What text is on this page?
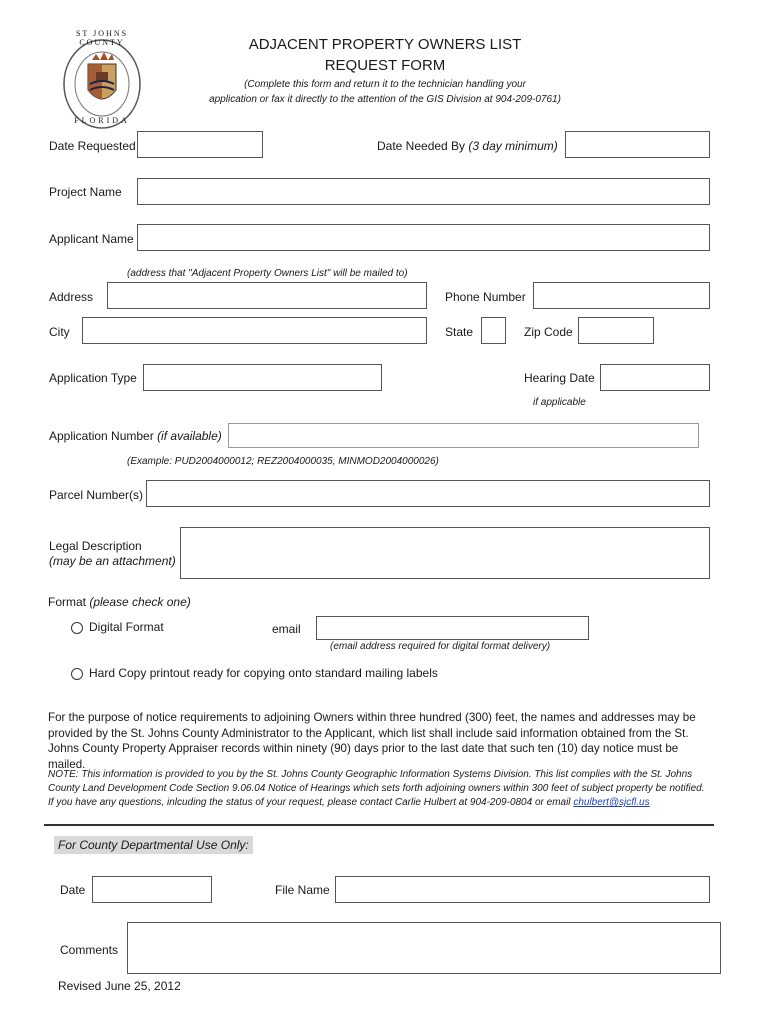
ST JOHNS COUNTY
FLORIDA
ADJACENT PROPERTY OWNERS LIST
REQUEST FORM
(Complete this form and return it to the technician handling your
application or fax it directly to the attention of the GIS Division at 904-209-0761)
Date Requested	Date Needed By (3 day minimum)
Project Name
Applicant Name
(address that "Adjacent Property Owners List" will be mailed to)
Address	Phone Number
City	State	Zip Code
Application Type	Hearing Date
if applicable
Application Number (if available)
(Example: PUD2004000012; REZ2004000035, MINMOD2004000026)
Parcel Number(s)
Legal Description
(may be an attachment)
Format (please check one)
Digital Format	email
(email address required for digital format delivery)
Hard Copy printout ready for copying onto standard mailing labels
For the purpose of notice requirements to adjoining Owners within three hundred (300) feet, the names and addresses may be
provided by the St. Johns County Administrator to the Applicant, which list shall include said information obtained from the St.
Johns County Property Appraiser records within ninety (90) days prior to the last date that such ten (10) day notice must be mailed.
NOTE: This information is provided to you by the St. Johns County Geographic Information Systems Division. This list complies with the St. Johns
County Land Development Code Section 9.06.04 Notice of Hearings which sets forth adjoining owners within 300 feet of subject property be notified.
If you have any questions, inlcuding the status of your request, please contact Carlie Hulbert at 904-209-0804 or email chulbert@sjcfl.us
For County Departmental Use Only:
Date	File Name
Comments
Revised June 25, 2012
